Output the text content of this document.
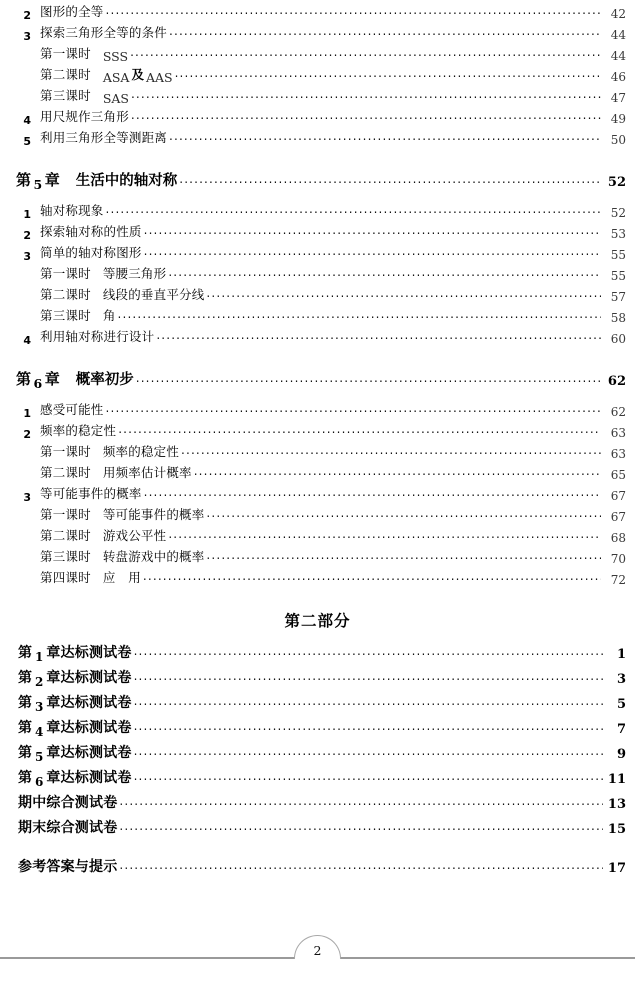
2 图形的全等 .....	42
3 探索三角形全等的条件 .....	44
第一课时 SSS .....	44
第二课时 ASA 及 AAS .....	46
第三课时 SAS .....	47
4 用尺规作三角形 .....	49
5 利用三角形全等测距离 .....	50
第 5 章	生活中的轴对称 .....	52
1 轴对称现象 .....	52
2 探索轴对称的性质 .....	53
3 简单的轴对称图形 .....	55
第一课时 等腰三角形 .....	55
第二课时 线段的垂直平分线 .....	57
第三课时 角 .....	58
4 利用轴对称进行设计 .....	60
第 6 章	概率初步 .....	62
1 感受可能性 .....	62
2 频率的稳定性 .....	63
第一课时 频率的稳定性 .....	63
第二课时 用频率估计概率 .....	65
3 等可能事件的概率 .....	67
第一课时 等可能事件的概率 .....	67
第二课时 游戏公平性 .....	68
第三课时 转盘游戏中的概率 .....	70
第四课时 应　用 .....	72
第二部分
第 1 章达标测试卷 .....	1
第 2 章达标测试卷 .....	3
第 3 章达标测试卷 .....	5
第 4 章达标测试卷 .....	7
第 5 章达标测试卷 .....	9
第 6 章达标测试卷 .....	11
期中综合测试卷 .....	13
期末综合测试卷 .....	15
参考答案与提示 .....	17
2
